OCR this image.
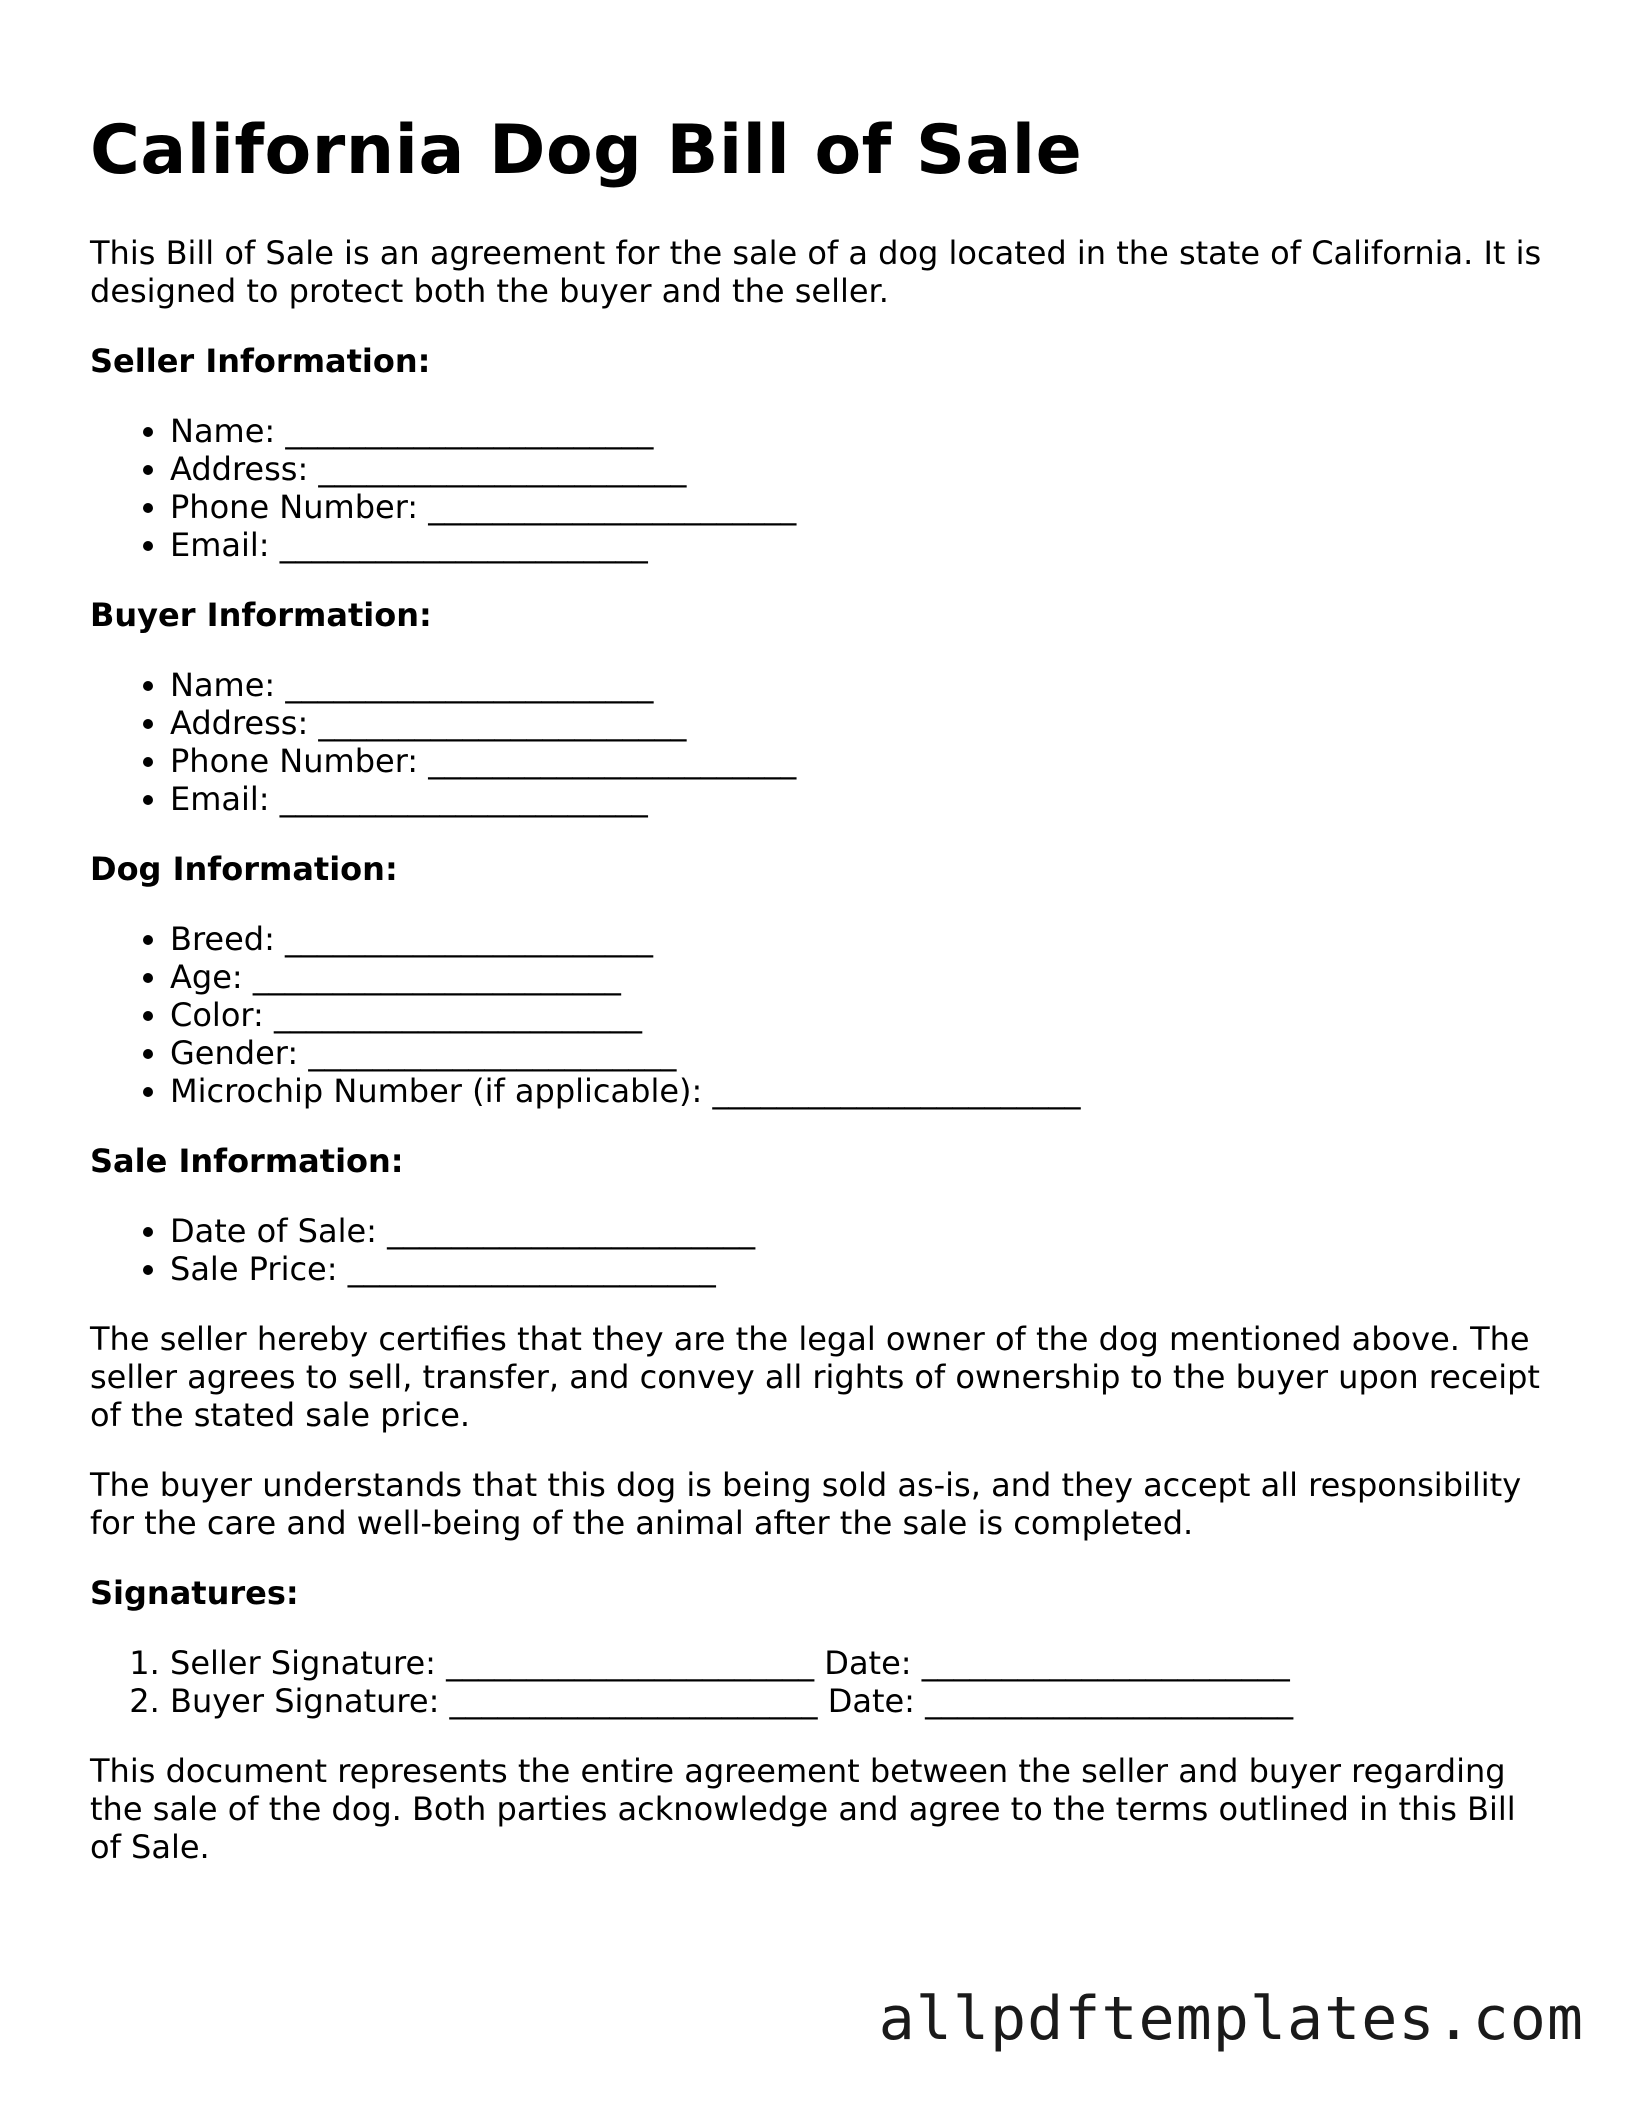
California Dog Bill of Sale

This Bill of Sale is an agreement for the sale of a dog located in the state of California. It is designed to protect both the buyer and the seller.

Seller Information:
• Name: _______________________
• Address: _______________________
• Phone Number: _______________________
• Email: _______________________
Buyer Information:
• Name: _______________________
• Address: _______________________
• Phone Number: _______________________
• Email: _______________________
Dog Information:
• Breed: _______________________
• Age: _______________________
• Color: _______________________
• Gender: _______________________
• Microchip Number (if applicable): _______________________
Sale Information:
• Date of Sale: _______________________
• Sale Price: _______________________

The seller hereby certifies that they are the legal owner of the dog mentioned above. The seller agrees to sell, transfer, and convey all rights of ownership to the buyer upon receipt of the stated sale price.

The buyer understands that this dog is being sold as-is, and they accept all responsibility for the care and well-being of the animal after the sale is completed.

Signatures:
1. Seller Signature: _______________________ Date: _______________________
2. Buyer Signature: _______________________ Date: _______________________

This document represents the entire agreement between the seller and buyer regarding the sale of the dog. Both parties acknowledge and agree to the terms outlined in this Bill of Sale.

allpdftemplates.com
